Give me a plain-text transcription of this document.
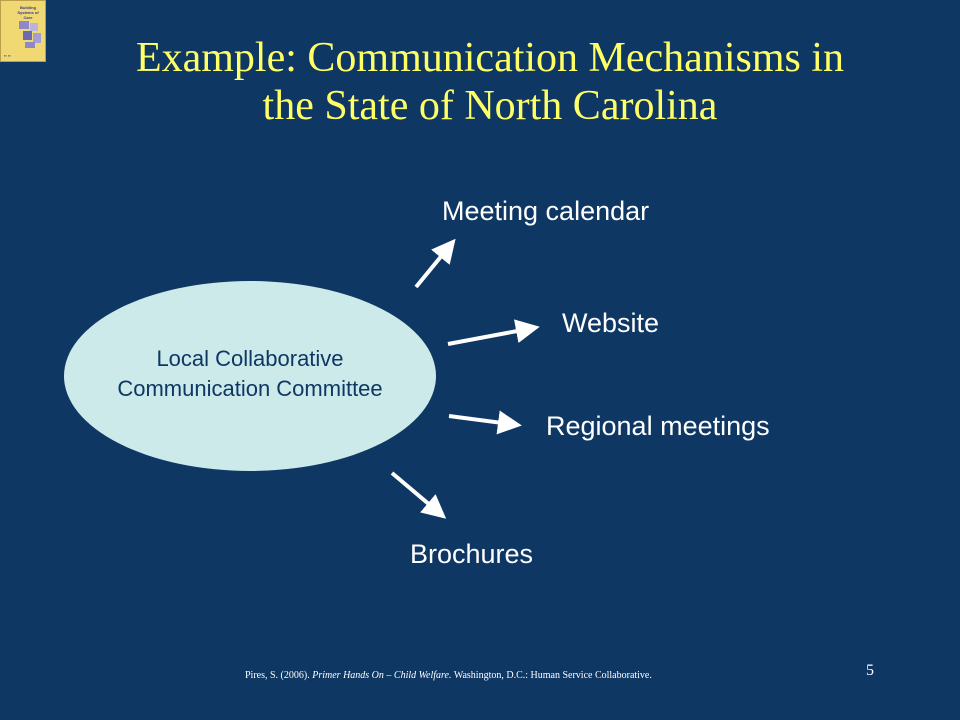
Building
Systems of
Care
▪▪ ▪▪	Example: Communication Mechanisms in
the State of North Carolina
Local Collaborative
Communication Committee
Meeting calendar
Website
Regional meetings
Brochures
Pires, S. (2006). Primer Hands On – Child Welfare. Washington, D.C.: Human Service Collaborative.	5
